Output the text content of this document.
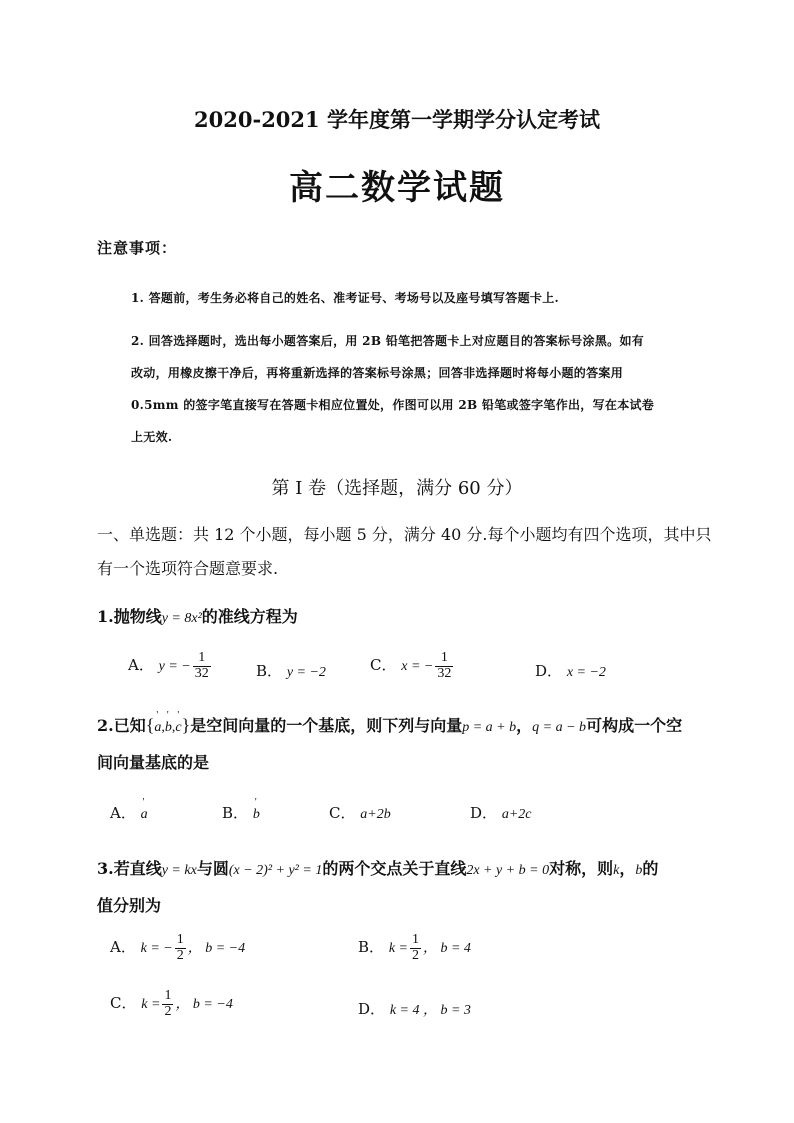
2020-2021 学年度第一学期学分认定考试
高二数学试题
注意事项：
1. 答题前，考生务必将自己的姓名、准考证号、考场号以及座号填写答题卡上.
2. 回答选择题时，选出每小题答案后，用 2B 铅笔把答题卡上对应题目的答案标号涂黑。如有
改动，用橡皮擦干净后，再将重新选择的答案标号涂黑；回答非选择题时将每小题的答案用
0.5mm 的签字笔直接写在答题卡相应位置处，作图可以用 2B 铅笔或签字笔作出，写在本试卷
上无效.
第 I 卷（选择题，满分 60 分）
一、单选题：共 12 个小题，每小题 5 分，满分 40 分.每个小题均有四个选项，其中只
有一个选项符合题意要求.
1.抛物线y = 8x²的准线方程为
A． y = − $\frac{1}{32}$	B． y = −2	C． x = − $\frac{1}{32}$	D． x = −2
2.已知{' a,' b,' c}是空间向量的一个基底，则下列与向量p = a + b，q = a − b可构成一个空
间向量基底的是
A． ' a	B． ' b	C． a+2b	D． a+2c
3.若直线y = kx与圆(x − 2)² + y² = 1的两个交点关于直线2x + y + b = 0对称，则k，b的
值分别为
A． k = − $\frac{1}{2}$ ， b = −4	B． $k = \frac{1}{2}$ ， b = 4
C． $k = \frac{1}{2}$ ， b = −4	D． k = 4 ， b = 3
